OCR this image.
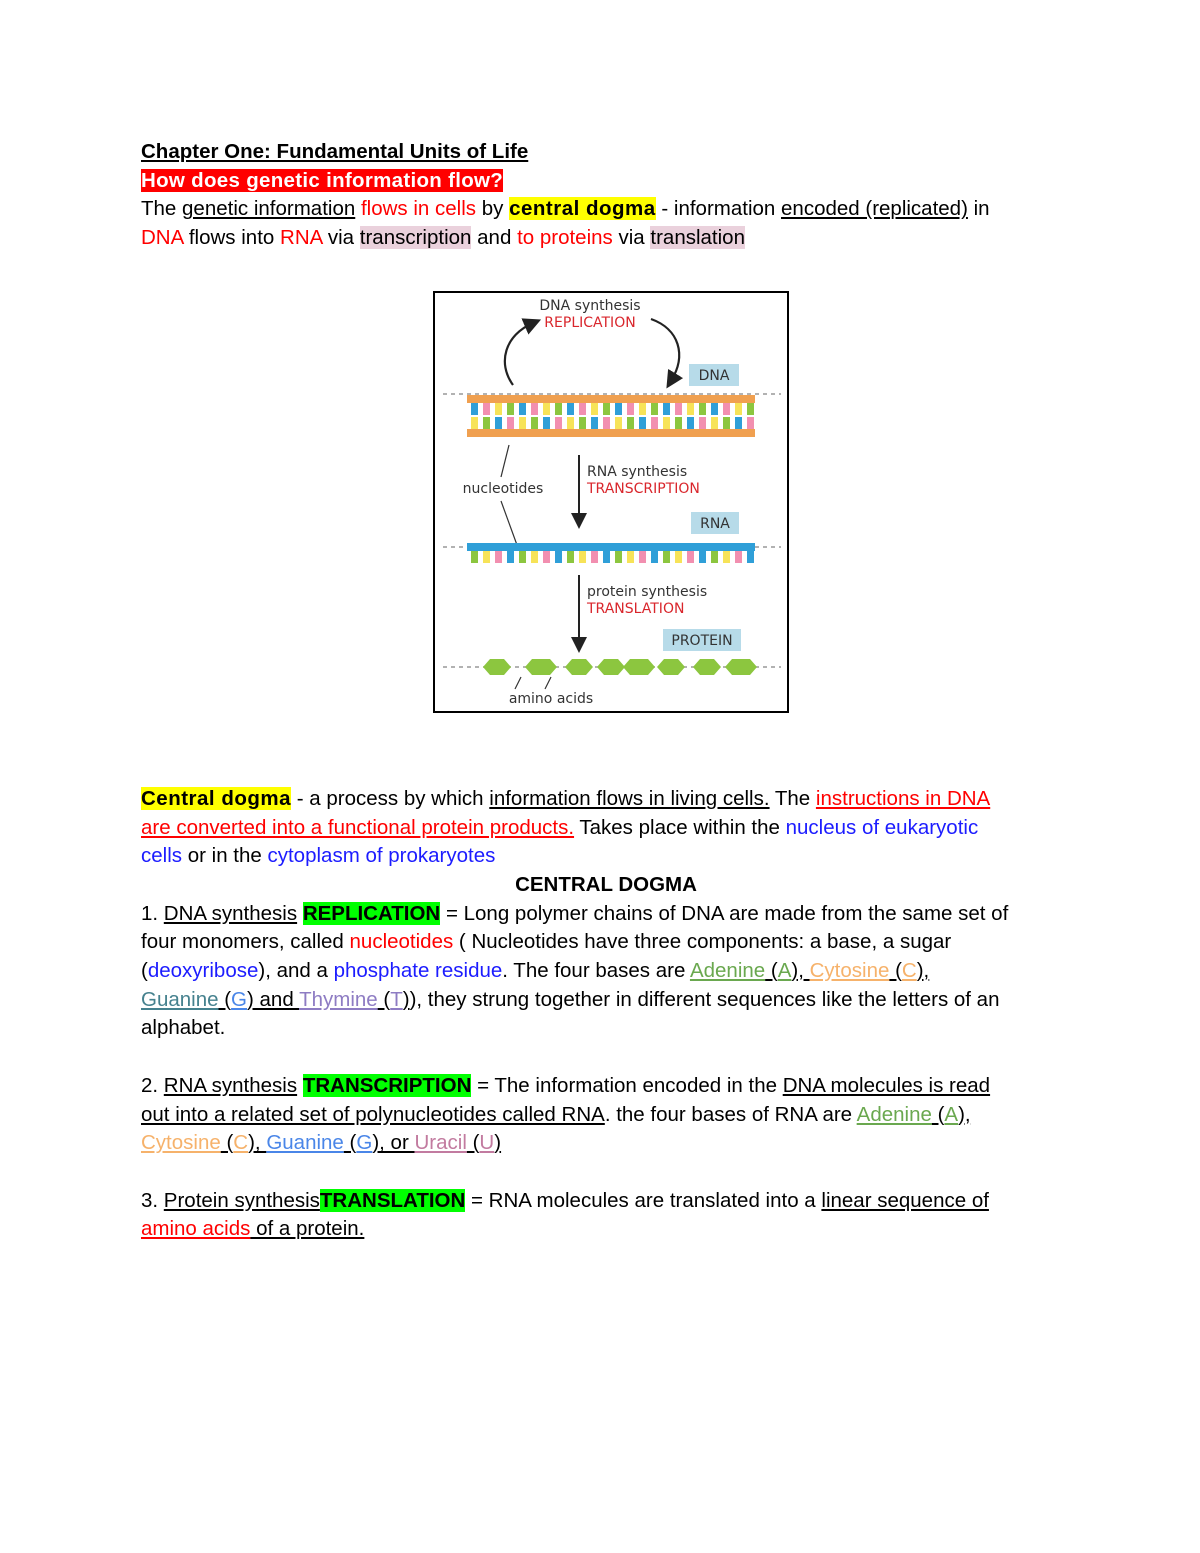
Chapter One: Fundamental Units of Life
How does genetic information flow?
The genetic information flows in cells by central dogma - information encoded (replicated) in
DNA flows into RNA via transcription and to proteins via translation
Central dogma - a process by which information flows in living cells. The instructions in DNA
are converted into a functional protein products. Takes place within the nucleus of eukaryotic
cells or in the cytoplasm of prokaryotes
CENTRAL DOGMA
1. DNA synthesis REPLICATION = Long polymer chains of DNA are made from the same set of
four monomers, called nucleotides ( Nucleotides have three components: a base, a sugar
(deoxyribose), and a phosphate residue. The four bases are Adenine (A), Cytosine (C),
Guanine (G) and Thymine (T)), they strung together in different sequences like the letters of an
alphabet.
2. RNA synthesis TRANSCRIPTION = The information encoded in the DNA molecules is read
out into a related set of polynucleotides called RNA. the four bases of RNA are Adenine (A),
Cytosine (C), Guanine (G), or Uracil (U)
3. Protein synthesisTRANSLATION = RNA molecules are translated into a linear sequence of
amino acids of a protein.
DNA synthesis
REPLICATION
DNA
nucleotides
RNA synthesis
TRANSCRIPTION
RNA
protein synthesis
TRANSLATION
PROTEIN
amino acids
